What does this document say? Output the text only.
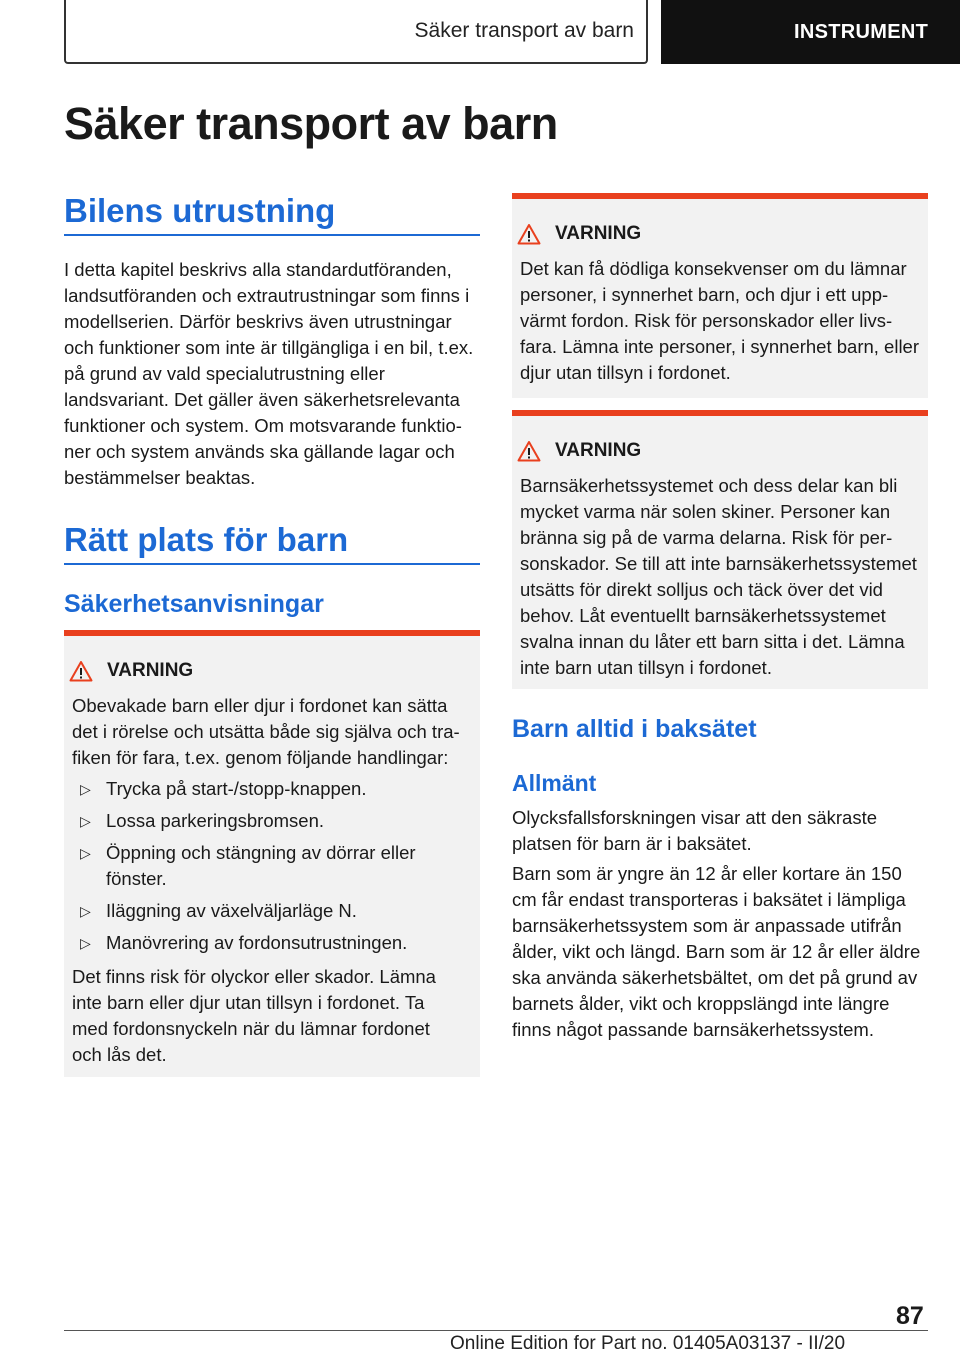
Säker transport av barn	INSTRUMENT
Säker transport av barn
Bilens utrustning
I detta kapitel beskrivs alla standardutföranden, landsutföranden och extrautrustningar som finns i modellserien. Därför beskrivs även utrustningar och funktioner som inte är tillgängliga i en bil, t.ex. på grund av vald specialutrustning eller landsvariant. Det gäller även säkerhetsrelevanta funktioner och system. Om motsvarande funktioner och system används ska gällande lagar och bestämmelser beaktas.
Rätt plats för barn
Säkerhetsanvisningar
VARNING
Obevakade barn eller djur i fordonet kan sätta det i rörelse och utsätta både sig själva och trafiken för fara, t.ex. genom följande handlingar:
▷ Trycka på start-/stopp-knappen.
▷ Lossa parkeringsbromsen.
▷ Öppning och stängning av dörrar eller fönster.
▷ Iläggning av växelväljarläge N.
▷ Manövrering av fordonsutrustningen.
Det finns risk för olyckor eller skador. Lämna inte barn eller djur utan tillsyn i fordonet. Ta med fordonsnyckeln när du lämnar fordonet och lås det.
VARNING
Det kan få dödliga konsekvenser om du lämnar personer, i synnerhet barn, och djur i ett uppvärmt fordon. Risk för personskador eller livsfara. Lämna inte personer, i synnerhet barn, eller djur utan tillsyn i fordonet.
VARNING
Barnsäkerhetssystemet och dess delar kan bli mycket varma när solen skiner. Personer kan bränna sig på de varma delarna. Risk för personskador. Se till att inte barnsäkerhetssystemet utsätts för direkt solljus och täck över det vid behov. Låt eventuellt barnsäkerhetssystemet svalna innan du låter ett barn sitta i det. Lämna inte barn utan tillsyn i fordonet.
Barn alltid i baksätet
Allmänt
Olycksfallsforskningen visar att den säkraste platsen för barn är i baksätet.
Barn som är yngre än 12 år eller kortare än 150 cm får endast transporteras i baksätet i lämpliga barnsäkerhetssystem som är anpassade utifrån ålder, vikt och längd. Barn som är 12 år eller äldre ska använda säkerhetsbältet, om det på grund av barnets ålder, vikt och kroppslängd inte längre finns något passande barnsäkerhetssystem.
87
Online Edition for Part no. 01405A03137 - II/20
